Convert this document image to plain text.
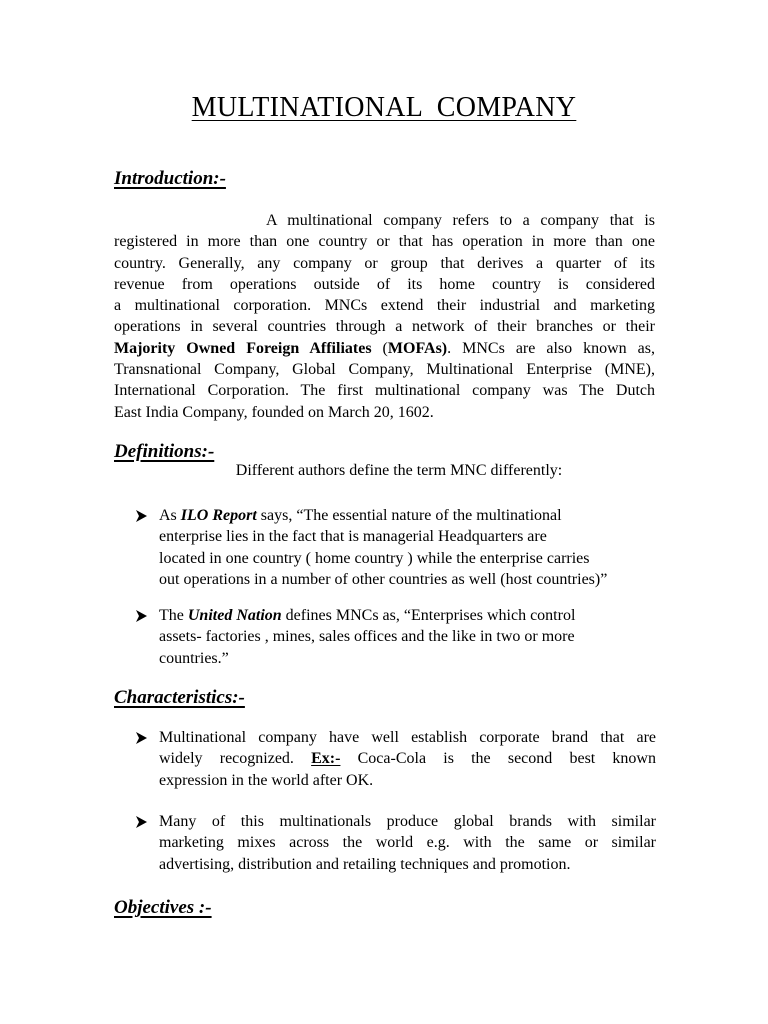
MULTINATIONAL  COMPANY
Introduction:-
A multinational company refers to a company that is
registered in more than one country or that has operation in more than one
country. Generally, any company or group that derives a quarter of its
revenue from operations outside of its home country is considered
a multinational corporation. MNCs extend their industrial and marketing
operations in several countries through a network of their branches or their
Majority Owned Foreign Affiliates (MOFAs). MNCs are also known as,
Transnational Company, Global Company, Multinational Enterprise (MNE),
International Corporation. The first multinational company was The Dutch
East India Company, founded on March 20, 1602.
Definitions:-
Different authors define the term MNC differently:
As ILO Report says, “The essential nature of the multinational
enterprise lies in the fact that is managerial Headquarters are
located in one country ( home country ) while the enterprise carries
out operations in a number of other countries as well (host countries)”
The United Nation defines MNCs as, “Enterprises which control
assets- factories , mines, sales offices and the like in two or more
countries.”
Characteristics:-
Multinational company have well establish corporate brand that are
widely recognized. Ex:- Coca-Cola is the second best known
expression in the world after OK.
Many of this multinationals produce global brands with similar
marketing mixes across the world e.g. with the same or similar
advertising, distribution and retailing techniques and promotion.
Objectives :-
